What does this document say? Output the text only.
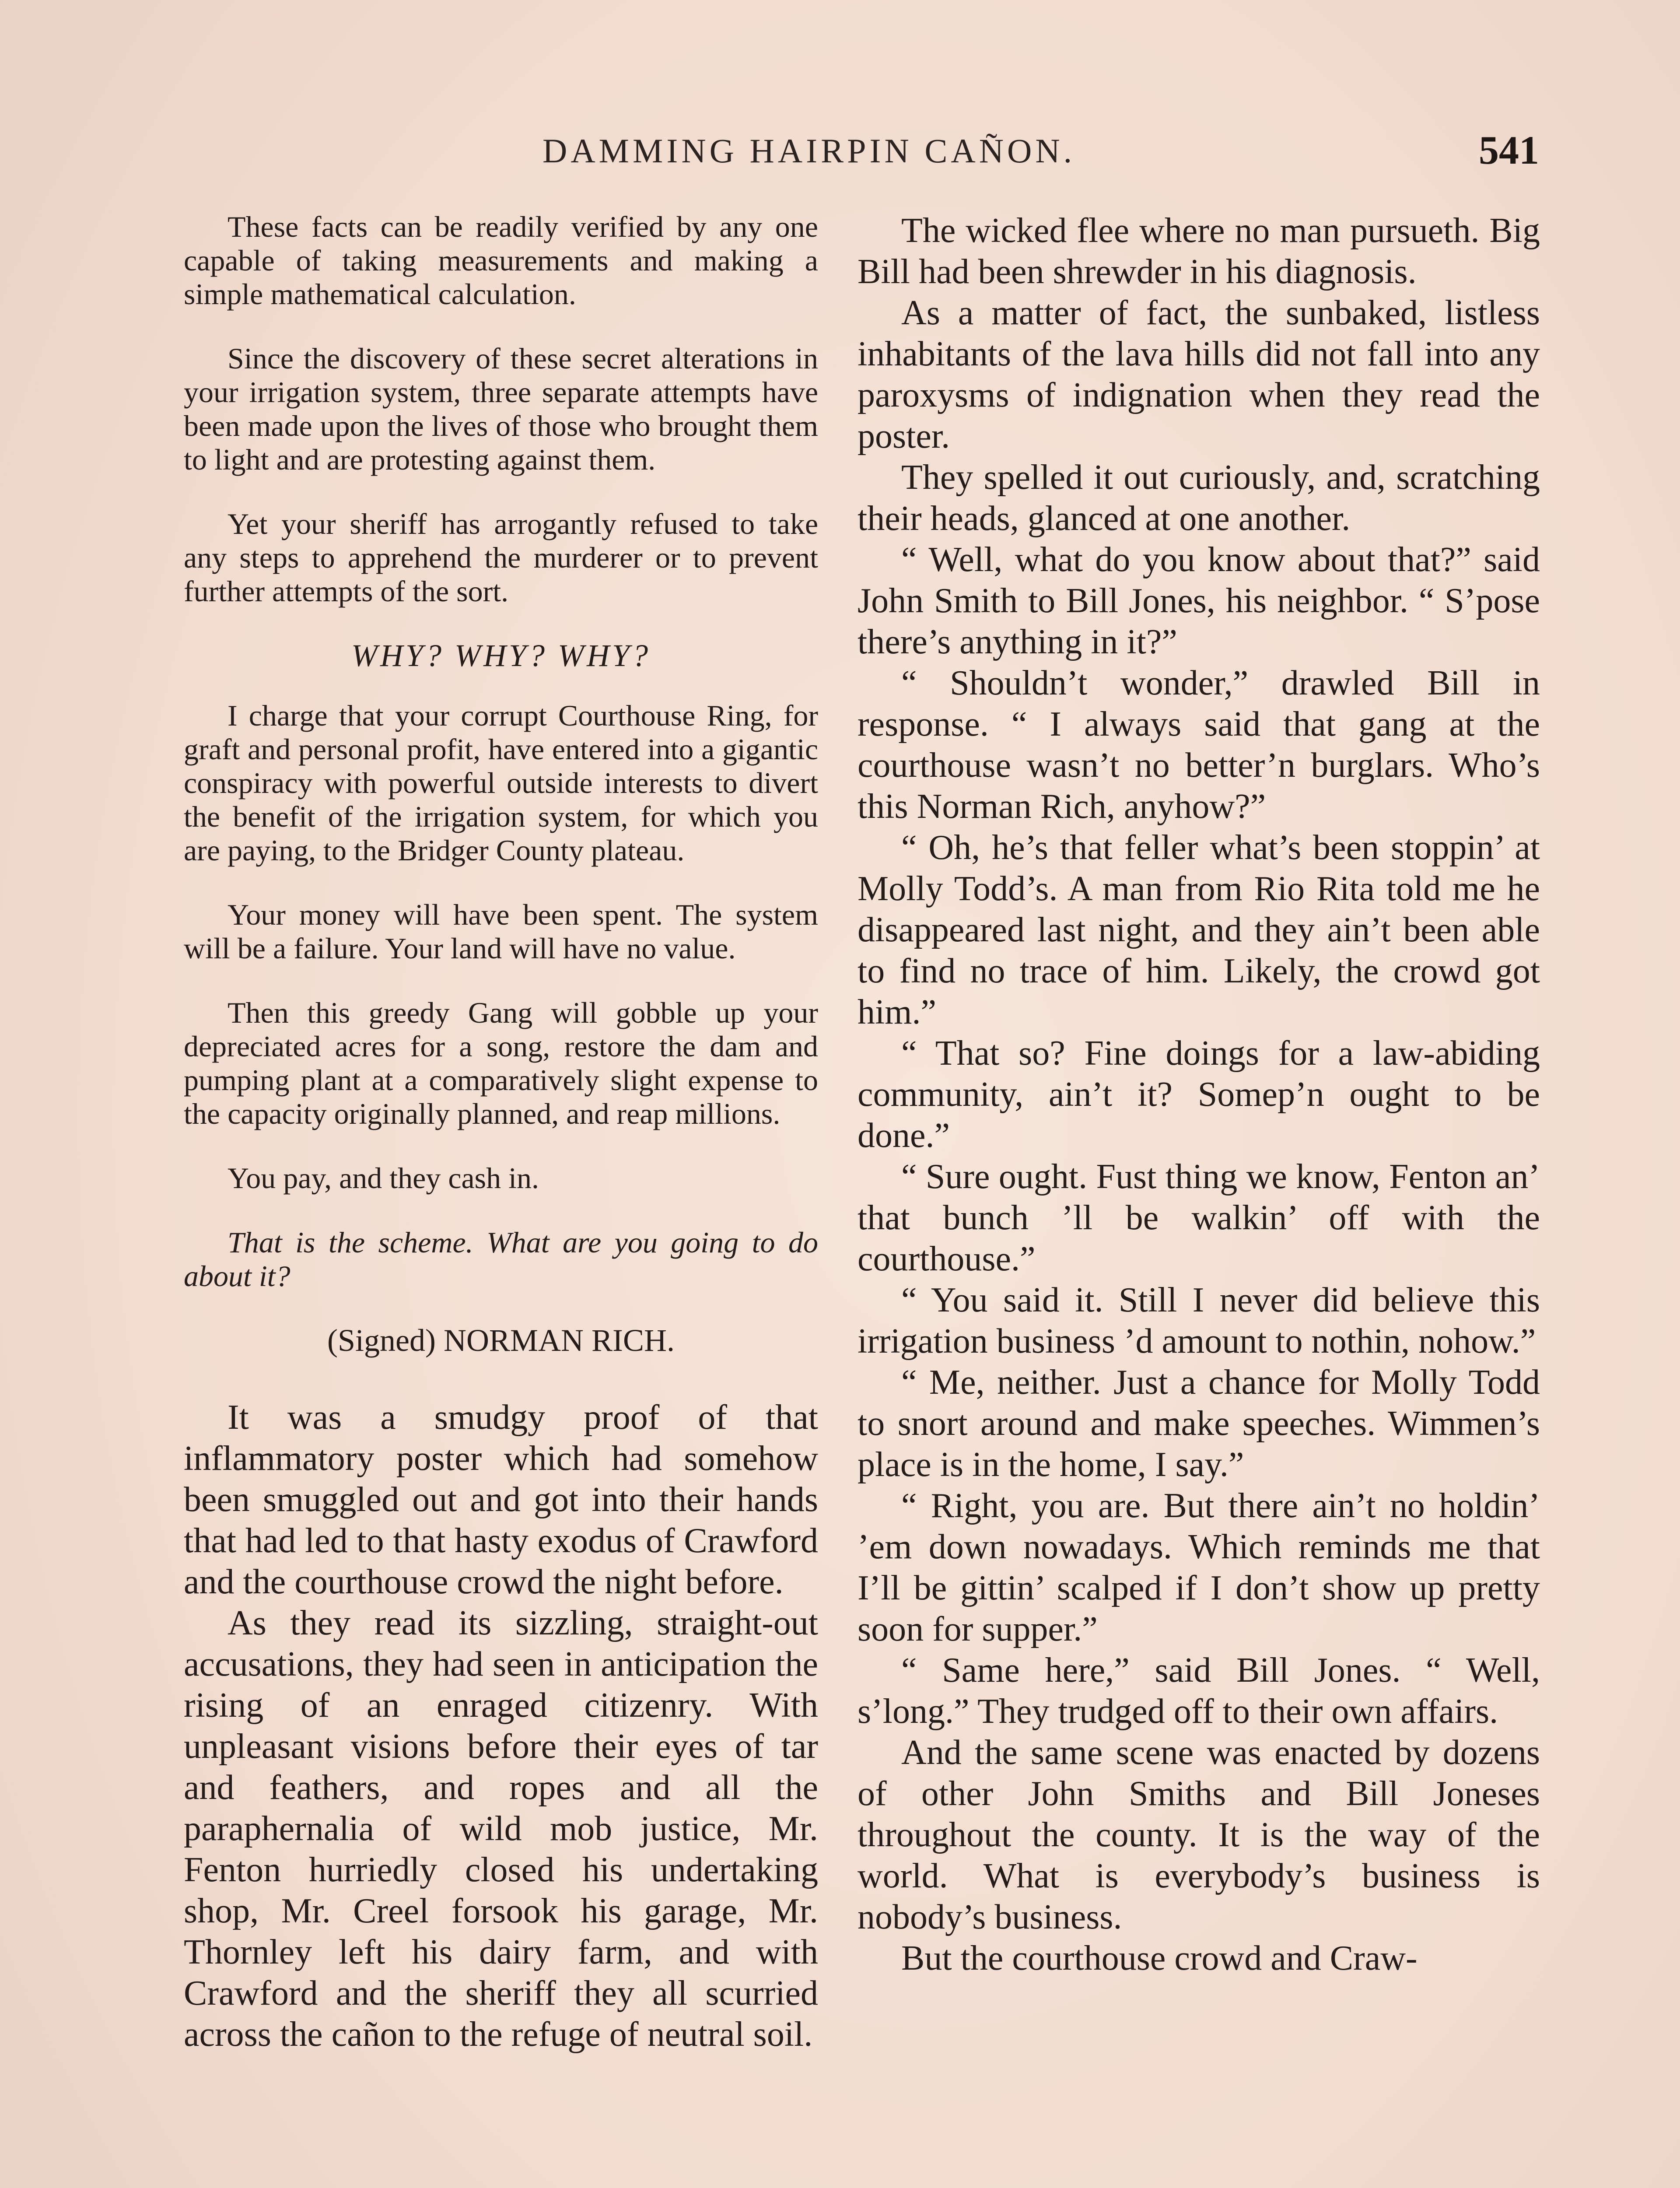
DAMMING HAIRPIN CAÑON.	541

These facts can be readily verified by any one capable of taking measurements and making a simple mathematical calculation.

Since the discovery of these secret alterations in your irrigation system, three separate attempts have been made upon the lives of those who brought them to light and are protesting against them.

Yet your sheriff has arrogantly refused to take any steps to apprehend the murderer or to prevent further attempts of the sort.

WHY? WHY? WHY?

I charge that your corrupt Courthouse Ring, for graft and personal profit, have entered into a gigantic conspiracy with powerful outside interests to divert the benefit of the irrigation system, for which you are paying, to the Bridger County plateau.

Your money will have been spent. The system will be a failure. Your land will have no value.

Then this greedy Gang will gobble up your depreciated acres for a song, restore the dam and pumping plant at a comparatively slight expense to the capacity originally planned, and reap millions.

You pay, and they cash in.

That is the scheme. What are you going to do about it?

(Signed) NORMAN RICH.

It was a smudgy proof of that inflammatory poster which had somehow been smuggled out and got into their hands that had led to that hasty exodus of Crawford and the courthouse crowd the night before.

As they read its sizzling, straight-out accusations, they had seen in anticipation the rising of an enraged citizenry. With unpleasant visions before their eyes of tar and feathers, and ropes and all the paraphernalia of wild mob justice, Mr. Fenton hurriedly closed his undertaking shop, Mr. Creel forsook his garage, Mr. Thornley left his dairy farm, and with Crawford and the sheriff they all scurried across the cañon to the refuge of neutral soil.

The wicked flee where no man pursueth. Big Bill had been shrewder in his diagnosis.

As a matter of fact, the sunbaked, listless inhabitants of the lava hills did not fall into any paroxysms of indignation when they read the poster.

They spelled it out curiously, and, scratching their heads, glanced at one another.

“ Well, what do you know about that?” said John Smith to Bill Jones, his neighbor. “ S’pose there’s anything in it?”

“ Shouldn’t wonder,” drawled Bill in response. “ I always said that gang at the courthouse wasn’t no better’n burglars. Who’s this Norman Rich, anyhow?”

“ Oh, he’s that feller what’s been stoppin’ at Molly Todd’s. A man from Rio Rita told me he disappeared last night, and they ain’t been able to find no trace of him. Likely, the crowd got him.”

“ That so? Fine doings for a law-abiding community, ain’t it? Somep’n ought to be done.”

“ Sure ought. Fust thing we know, Fenton an’ that bunch ’ll be walkin’ off with the courthouse.”

“ You said it. Still I never did believe this irrigation business ’d amount to nothin, nohow.”

“ Me, neither. Just a chance for Molly Todd to snort around and make speeches. Wimmen’s place is in the home, I say.”

“ Right, you are. But there ain’t no holdin’ ’em down nowadays. Which reminds me that I’ll be gittin’ scalped if I don’t show up pretty soon for supper.”

“ Same here,” said Bill Jones. “ Well, s’long.” They trudged off to their own affairs.

And the same scene was enacted by dozens of other John Smiths and Bill Joneses throughout the county. It is the way of the world. What is everybody’s business is nobody’s business.

But the courthouse crowd and Craw-
